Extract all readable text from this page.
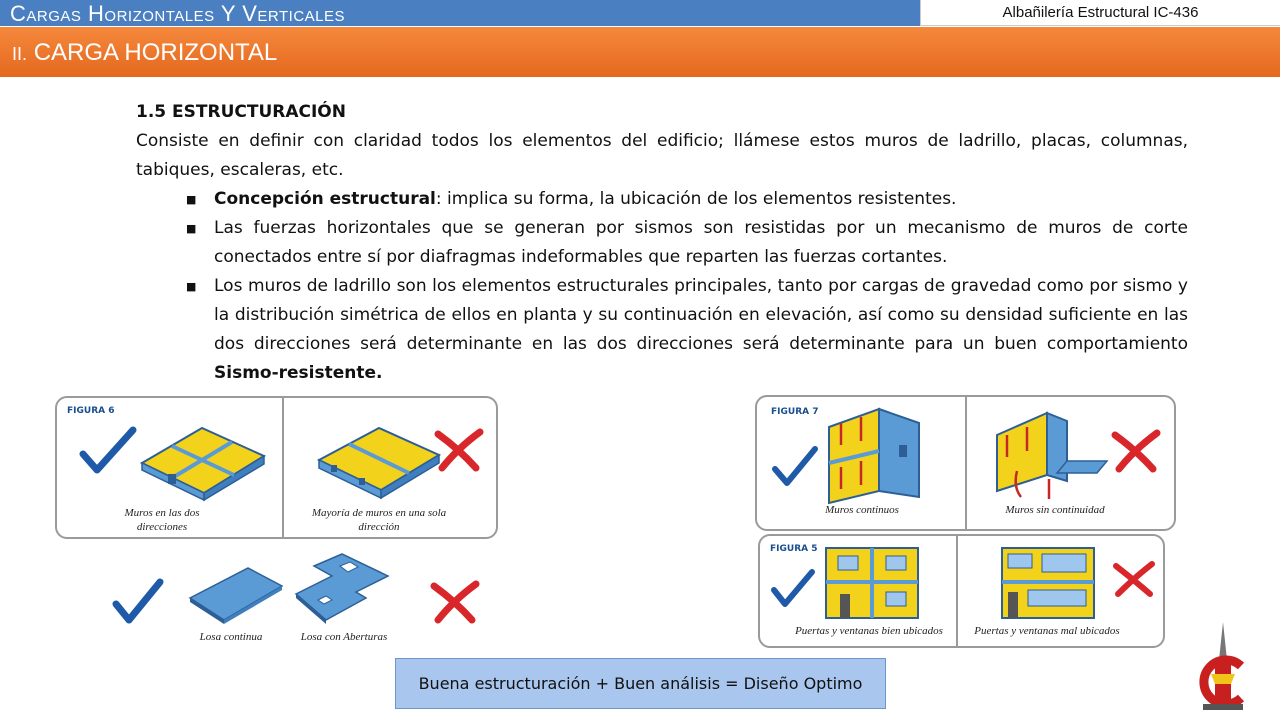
Cargas Horizontales Y Verticales	Albañilería Estructural IC-436
II. CARGA HORIZONTAL
1.5 ESTRUCTURACIÓN
Consiste en definir con claridad todos los elementos del edificio; llámese estos muros de ladrillo, placas, columnas, tabiques, escaleras, etc.
■ Concepción estructural: implica su forma, la ubicación de los elementos resistentes.
■ Las fuerzas horizontales que se generan por sismos son resistidas por un mecanismo de muros de corte conectados entre sí por diafragmas indeformables que reparten las fuerzas cortantes.
■ Los muros de ladrillo son los elementos estructurales principales, tanto por cargas de gravedad como por sismo y la distribución simétrica de ellos en planta y su continuación en elevación, así como su densidad suficiente en las dos direcciones será determinante en las dos direcciones será determinante para un buen comportamiento Sismo-resistente.
FIGURA 6
Muros en las dos direcciones
Mayoría de muros en una sola dirección
Losa continua	Losa con Aberturas
FIGURA 7
Muros continuos	Muros sin continuidad
FIGURA 5
Puertas y ventanas bien ubicados	Puertas y ventanas mal ubicados
Buena estructuración + Buen análisis = Diseño Optimo
